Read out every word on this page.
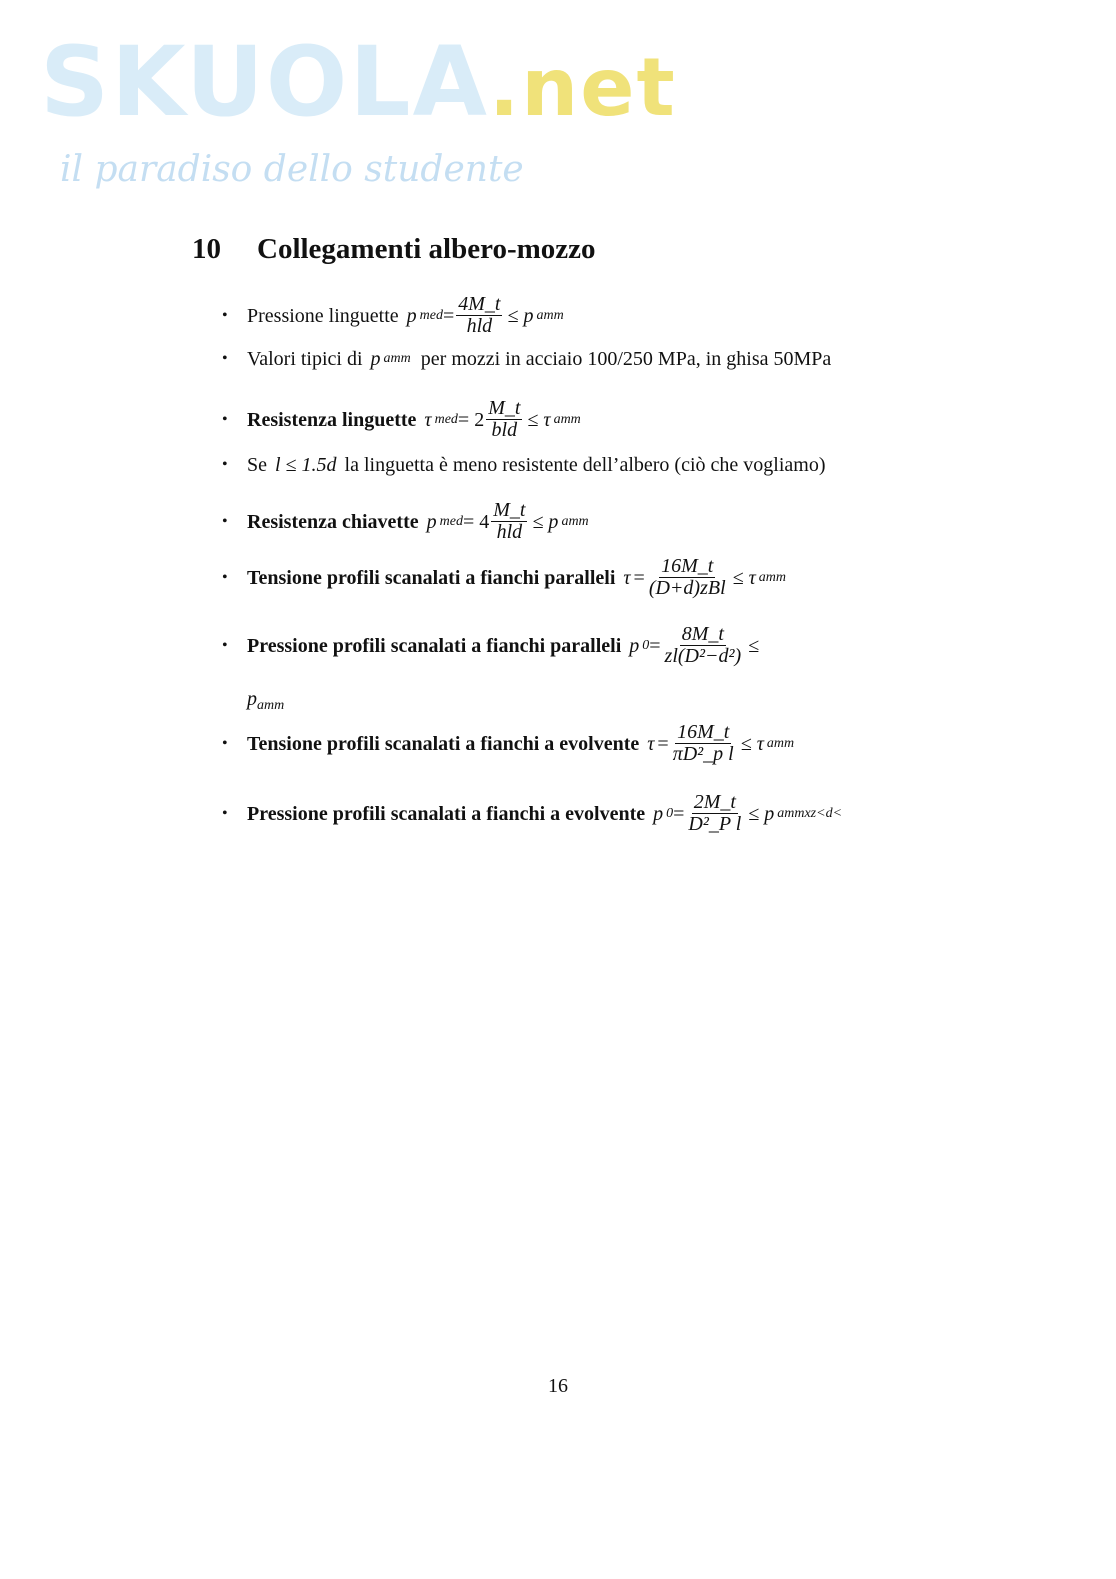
SKUOLA.net
il paradiso dello studente
10 Collegamenti albero-mozzo
• Pressione linguette
p med = $\frac{4M\_t}{\text{hld}} \le p$ amm
• Valori tipici di
p amm
per mozzi in acciaio 100/250 MPa, in ghisa 50MPa
• Resistenza linguette
τ med = $2 \frac{M\_t}{\text{bld}} \le \tau$ amm
• Se
l ≤ 1.5d
la linguetta è meno resistente dell’albero (ciò che vogliamo)
• Resistenza chiavette
p med = $4 \frac{M\_t}{\text{hld}} \le p$ amm
• Tensione profili scanalati a fianchi paralleli
$\tau = \frac{16M\_t}{\text{(D+d)zBl}} \le \tau$ amm
• Pressione profili scanalati a fianchi paralleli
p $0 = \frac{8M\_t}{\text{zl(D²−d²)}}$ ≤
$p_{amm}$
• Tensione profili scanalati a fianchi a evolvente
$\tau = \frac{16M\_t}{\text{πD²\_p l}} \le \tau$ amm
• Pressione profili scanalati a fianchi a evolvente
p $0 = \frac{2M\_t}{\text{D²\_P l}} \le p$ ammxz<d<
16
